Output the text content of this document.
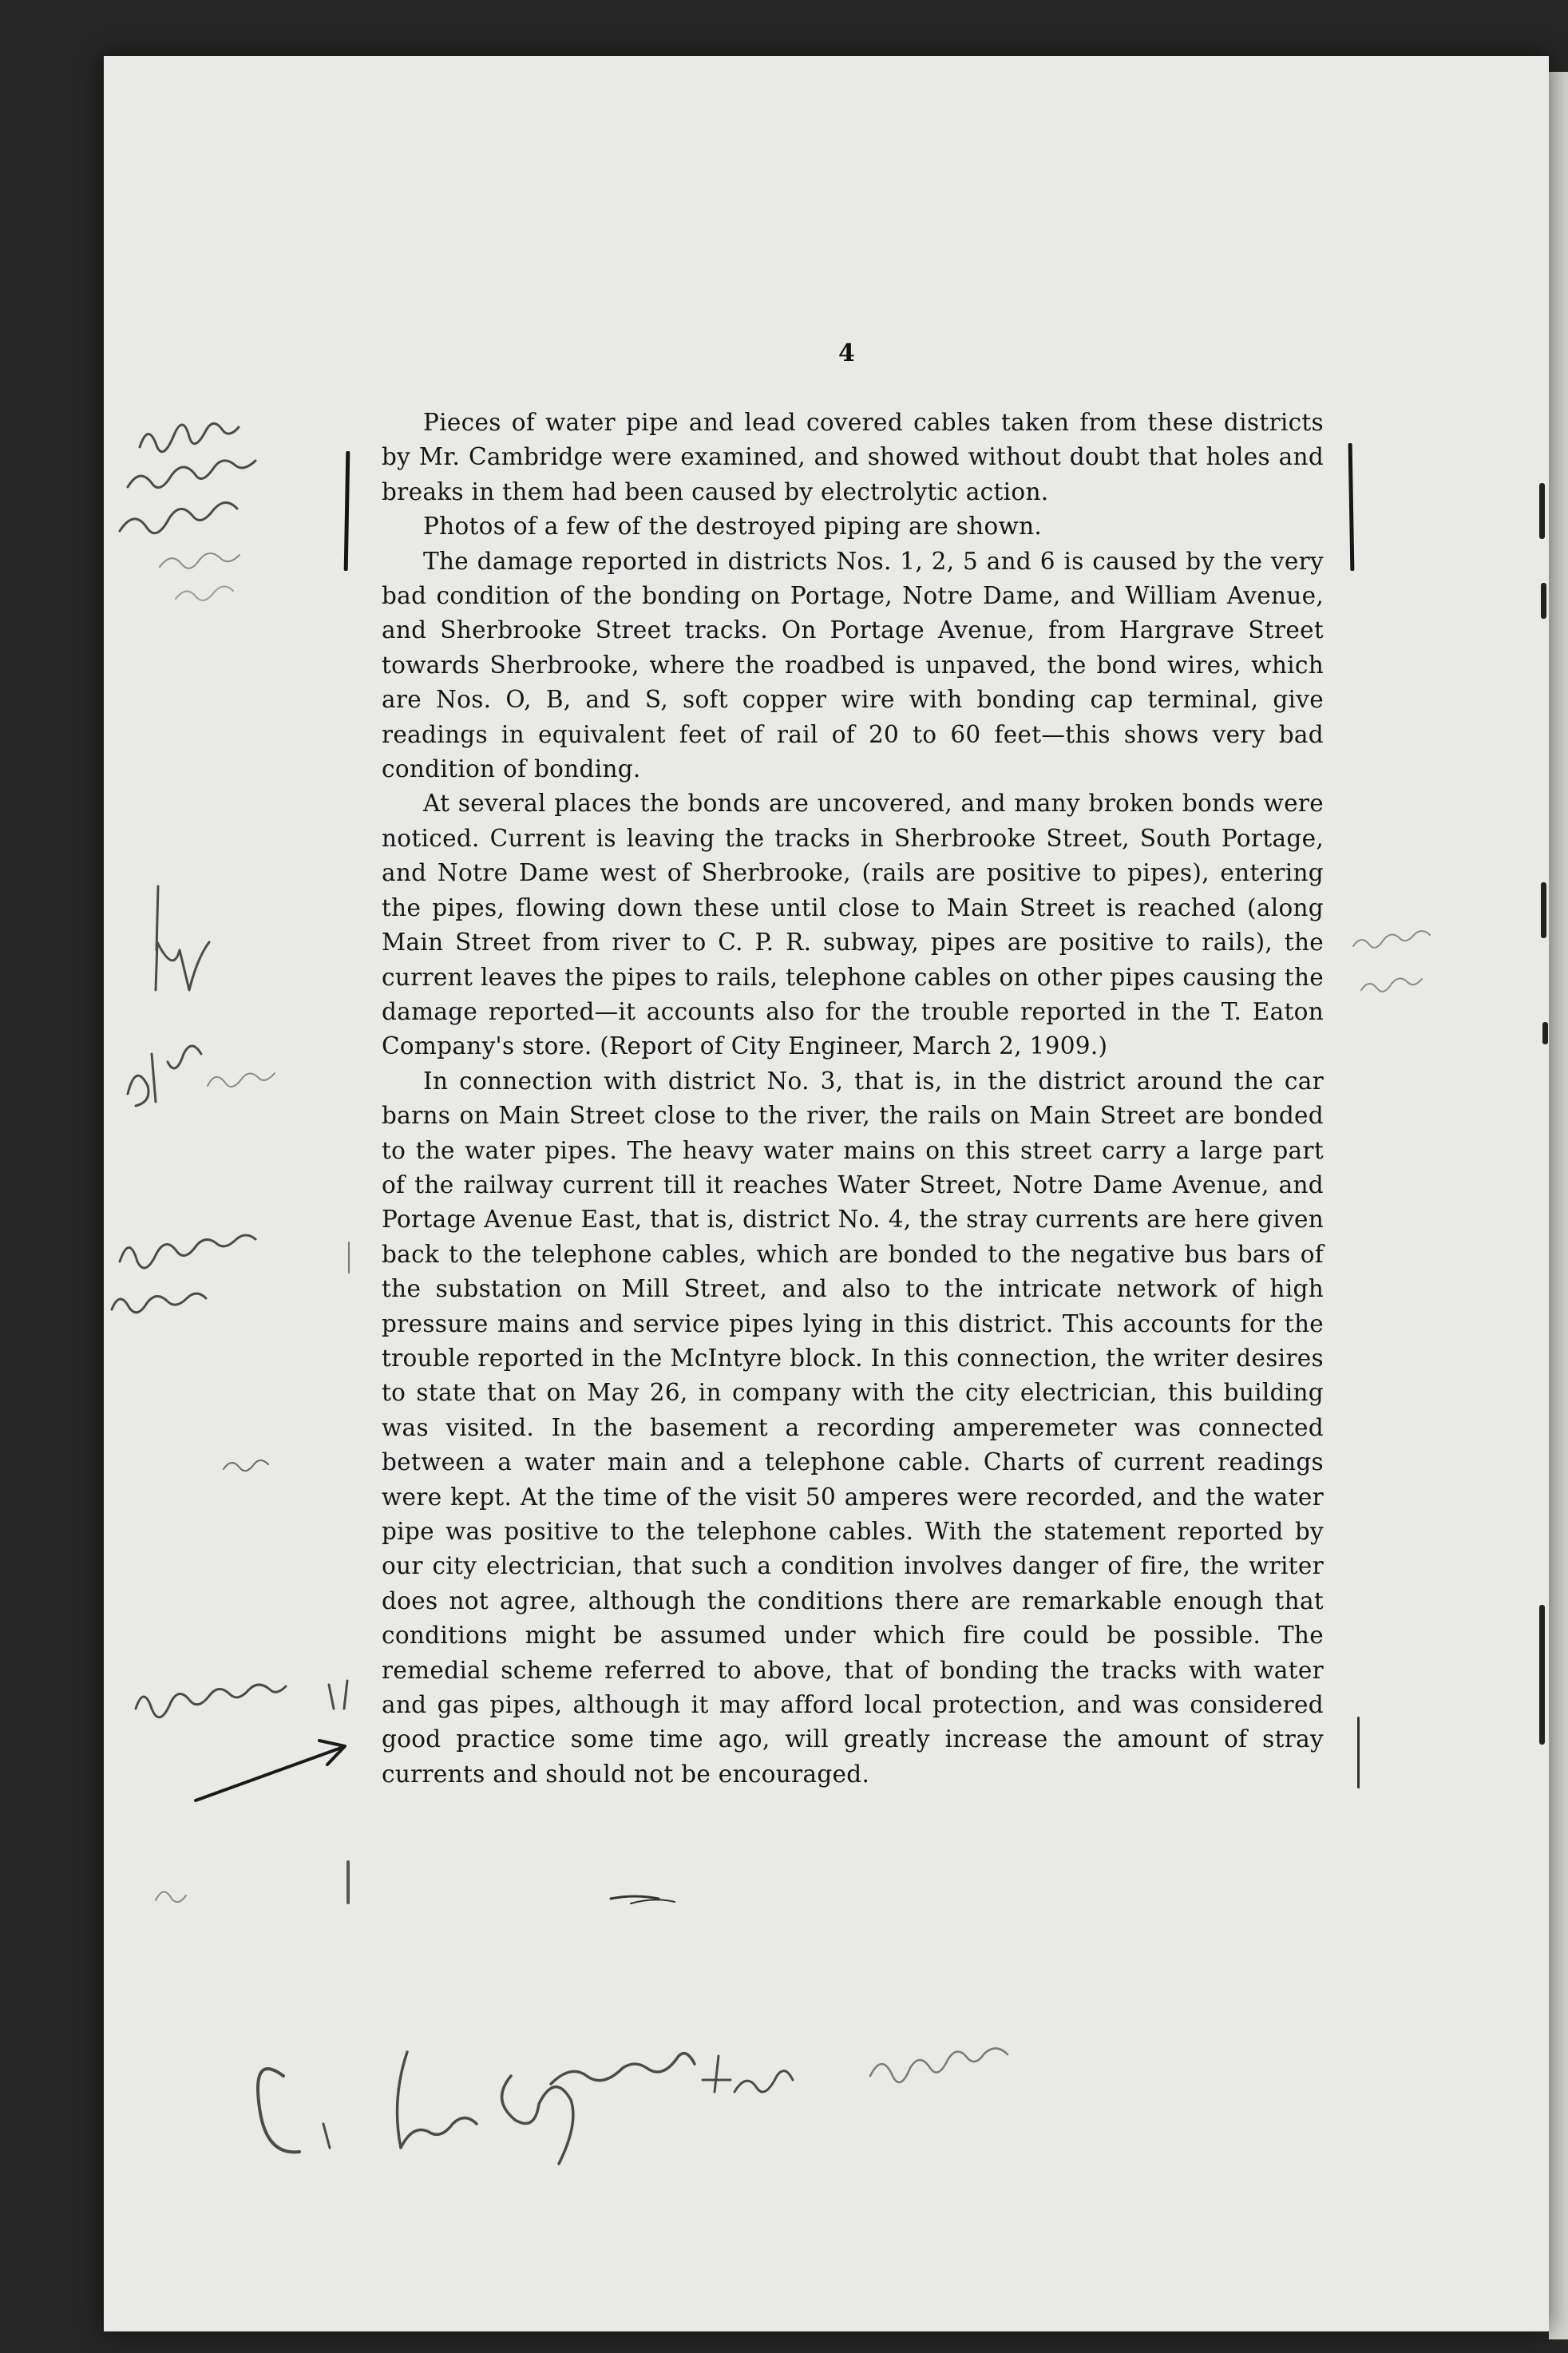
4

Pieces of water pipe and lead covered cables taken from these districts by Mr. Cambridge were examined, and showed without doubt that holes and breaks in them had been caused by electrolytic action.

Photos of a few of the destroyed piping are shown.

The damage reported in districts Nos. 1, 2, 5 and 6 is caused by the very bad condition of the bonding on Portage, Notre Dame, and William Avenue, and Sherbrooke Street tracks. On Portage Avenue, from Hargrave Street towards Sherbrooke, where the roadbed is unpaved, the bond wires, which are Nos. O, B, and S, soft copper wire with bonding cap terminal, give readings in equivalent feet of rail of 20 to 60 feet—this shows very bad condition of bonding.

At several places the bonds are uncovered, and many broken bonds were noticed. Current is leaving the tracks in Sherbrooke Street, South Portage, and Notre Dame west of Sherbrooke, (rails are positive to pipes), entering the pipes, flowing down these until close to Main Street is reached (along Main Street from river to C. P. R. subway, pipes are positive to rails), the current leaves the pipes to rails, telephone cables on other pipes causing the damage reported—it accounts also for the trouble reported in the T. Eaton Company's store. (Report of City Engineer, March 2, 1909.)

In connection with district No. 3, that is, in the district around the car barns on Main Street close to the river, the rails on Main Street are bonded to the water pipes. The heavy water mains on this street carry a large part of the railway current till it reaches Water Street, Notre Dame Avenue, and Portage Avenue East, that is, district No. 4, the stray currents are here given back to the telephone cables, which are bonded to the negative bus bars of the substation on Mill Street, and also to the intricate network of high pressure mains and service pipes lying in this district. This accounts for the trouble reported in the McIntyre block. In this connection, the writer desires to state that on May 26, in company with the city electrician, this building was visited. In the basement a recording amperemeter was connected between a water main and a telephone cable. Charts of current readings were kept. At the time of the visit 50 amperes were recorded, and the water pipe was positive to the telephone cables. With the statement reported by our city electrician, that such a condition involves danger of fire, the writer does not agree, although the conditions there are remarkable enough that conditions might be assumed under which fire could be possible. The remedial scheme referred to above, that of bonding the tracks with water and gas pipes, although it may afford local protection, and was considered good practice some time ago, will greatly increase the amount of stray currents and should not be encouraged.
